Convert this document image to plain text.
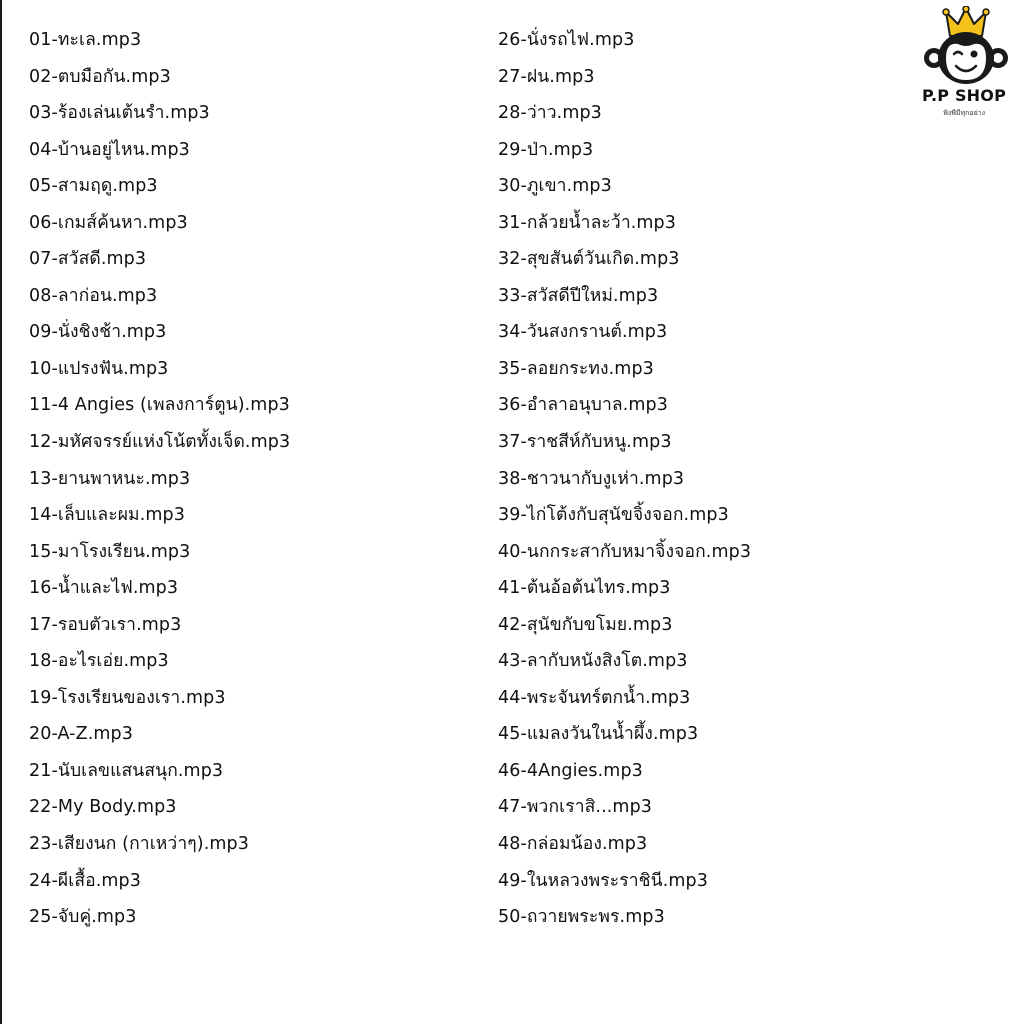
01-ทะเล.mp3
02-ตบมือกัน.mp3
03-ร้องเล่นเต้นรำ.mp3
04-บ้านอยู่ไหน.mp3
05-สามฤดู.mp3
06-เกมส์ค้นหา.mp3
07-สวัสดี.mp3
08-ลาก่อน.mp3
09-นั่งชิงช้า.mp3
10-แปรงฟัน.mp3
11-4 Angies (เพลงการ์ตูน).mp3
12-มหัศจรรย์แห่งโน้ตทั้งเจ็ด.mp3
13-ยานพาหนะ.mp3
14-เล็บและผม.mp3
15-มาโรงเรียน.mp3
16-น้ำและไฟ.mp3
17-รอบตัวเรา.mp3
18-อะไรเอ่ย.mp3
19-โรงเรียนของเรา.mp3
20-A-Z.mp3
21-นับเลขแสนสนุก.mp3
22-My Body.mp3
23-เสียงนก (กาเหว่าๆ).mp3
24-ผีเสื้อ.mp3
25-จับคู่.mp3
26-นั่งรถไฟ.mp3
27-ฝน.mp3
28-ว่าว.mp3
29-ป่า.mp3
30-ภูเขา.mp3
31-กล้วยน้ำละว้า.mp3
32-สุขสันต์วันเกิด.mp3
33-สวัสดีปีใหม่.mp3
34-วันสงกรานต์.mp3
35-ลอยกระทง.mp3
36-อำลาอนุบาล.mp3
37-ราชสีห์กับหนู.mp3
38-ชาวนากับงูเห่า.mp3
39-ไก่โต้งกับสุนัขจิ้งจอก.mp3
40-นกกระสากับหมาจิ้งจอก.mp3
41-ต้นอ้อต้นไทร.mp3
42-สุนัขกับขโมย.mp3
43-ลากับหนังสิงโต.mp3
44-พระจันทร์ตกน้ำ.mp3
45-แมลงวันในน้ำผึ้ง.mp3
46-4Angies.mp3
47-พวกเราสิ...mp3
48-กล่อมน้อง.mp3
49-ในหลวงพระราชินี.mp3
50-ถวายพระพร.mp3
P.P SHOP
ฟังพีมีทุกอย่าง
